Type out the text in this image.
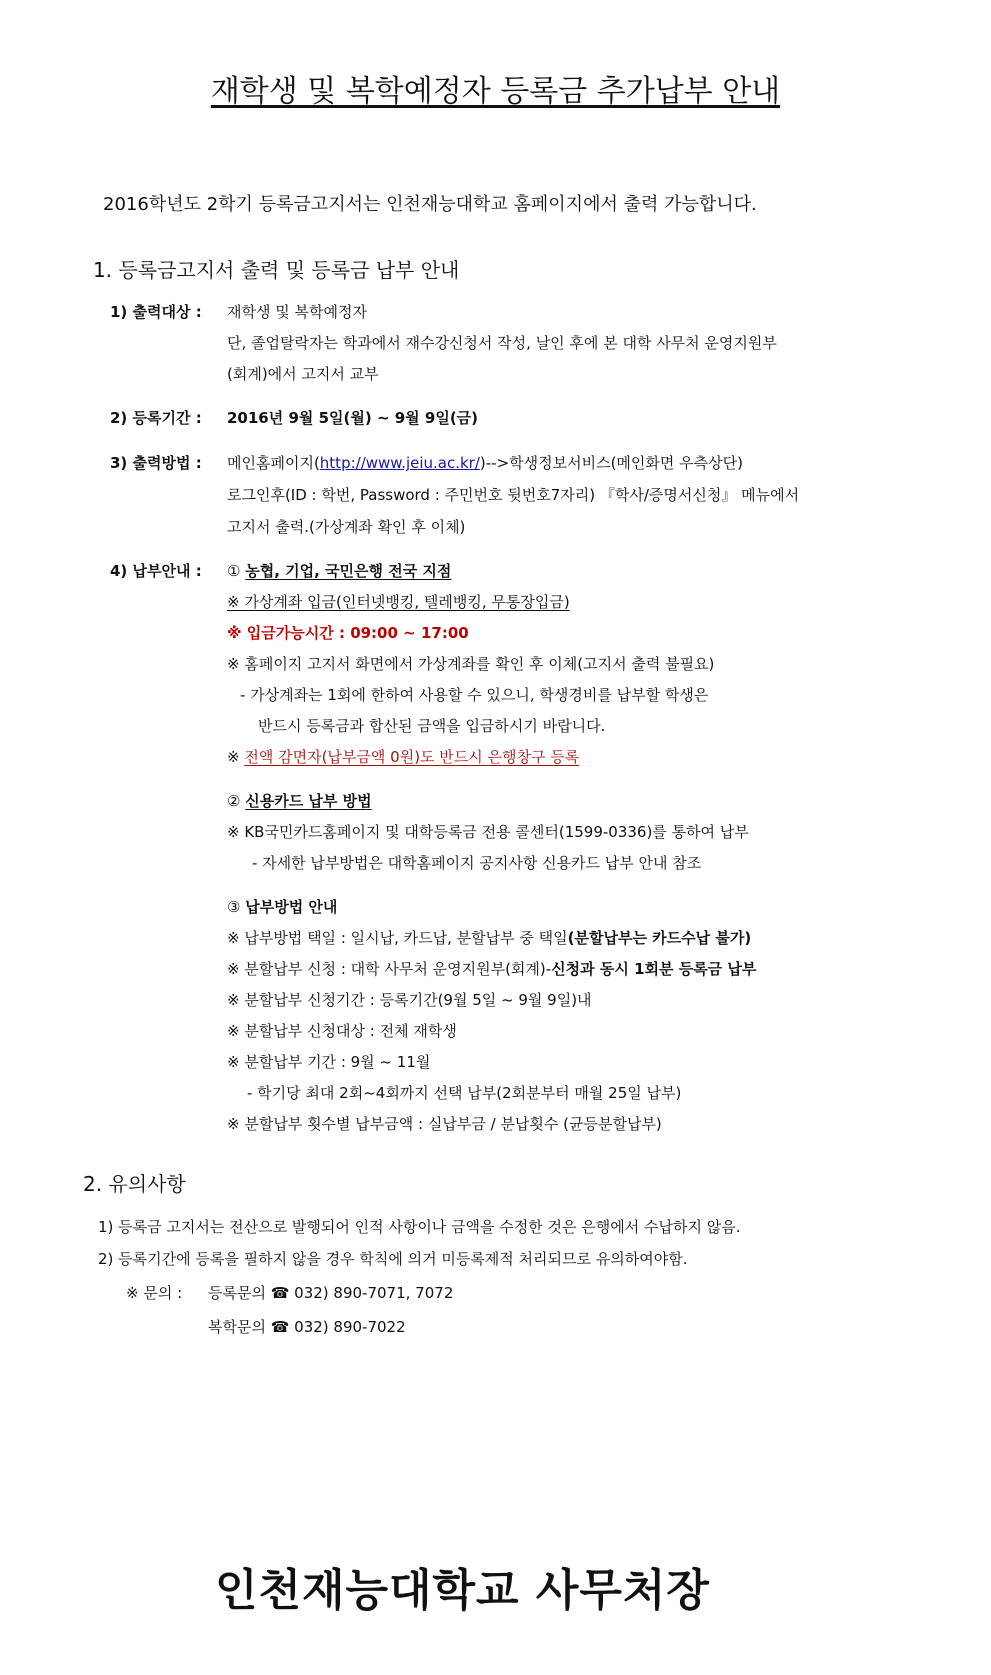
재학생 및 복학예정자 등록금 추가납부 안내
2016학년도 2학기 등록금고지서는 인천재능대학교 홈페이지에서 출력 가능합니다.
1. 등록금고지서 출력 및 등록금 납부 안내
1) 출력대상 : 재학생 및 복학예정자
단, 졸업탈락자는 학과에서 재수강신청서 작성, 날인 후에 본 대학 사무처 운영지원부
(회계)에서 고지서 교부
2) 등록기간 : 2016년 9월 5일(월) ~ 9월 9일(금)
3) 출력방법 : 메인홈페이지(http://www.jeiu.ac.kr/)-->학생정보서비스(메인화면 우측상단)
로그인후(ID : 학번, Password : 주민번호 뒷번호7자리) 『학사/증명서신청』 메뉴에서
고지서 출력.(가상계좌 확인 후 이체)
4) 납부안내 : ① 농협, 기업, 국민은행 전국 지점
※ 가상계좌 입금(인터넷뱅킹, 텔레뱅킹, 무통장입금)
※ 입금가능시간 : 09:00 ~ 17:00
※ 홈페이지 고지서 화면에서 가상계좌를 확인 후 이체(고지서 출력 불필요)
- 가상계좌는 1회에 한하여 사용할 수 있으니, 학생경비를 납부할 학생은
반드시 등록금과 합산된 금액을 입금하시기 바랍니다.
※ 전액 감면자(납부금액 0원)도 반드시 은행창구 등록
② 신용카드 납부 방법
※ KB국민카드홈페이지 및 대학등록금 전용 콜센터(1599-0336)를 통하여 납부
- 자세한 납부방법은 대학홈페이지 공지사항 신용카드 납부 안내 참조
③ 납부방법 안내
※ 납부방법 택일 : 일시납, 카드납, 분할납부 중 택일(분할납부는 카드수납 불가)
※ 분할납부 신청 : 대학 사무처 운영지원부(회계)-신청과 동시 1회분 등록금 납부
※ 분할납부 신청기간 : 등록기간(9월 5일 ~ 9월 9일)내
※ 분할납부 신청대상 : 전체 재학생
※ 분할납부 기간 : 9월 ~ 11월
- 학기당 최대 2회~4회까지 선택 납부(2회분부터 매월 25일 납부)
※ 분할납부 횟수별 납부금액 : 실납부금 / 분납횟수 (균등분할납부)
2. 유의사항
1) 등록금 고지서는 전산으로 발행되어 인적 사항이나 금액을 수정한 것은 은행에서 수납하지 않음.
2) 등록기간에 등록을 필하지 않을 경우 학칙에 의거 미등록제적 처리되므로 유의하여야함.
※ 문의 : 등록문의 ☎ 032) 890-7071, 7072
복학문의 ☎ 032) 890-7022
인천재능대학교 사무처장
